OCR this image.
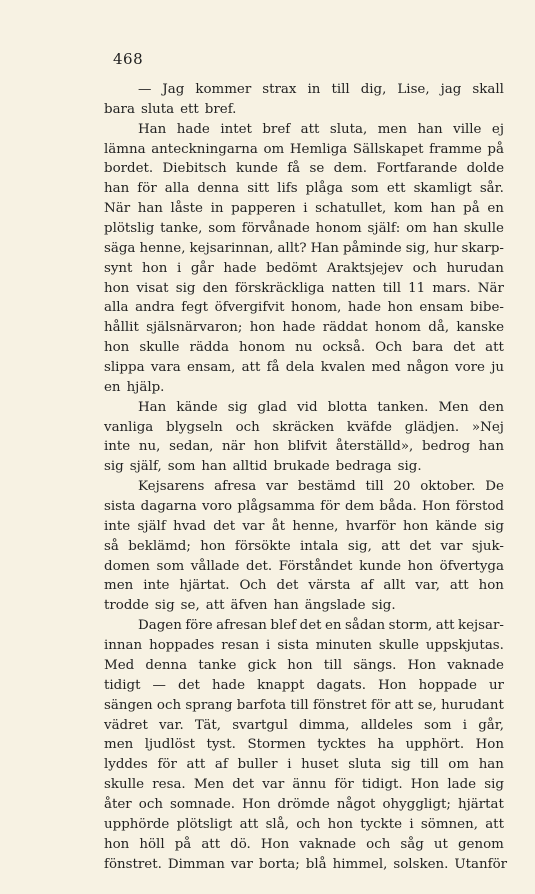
468
— Jag kommer strax in till dig, Lise, jag skall
bara sluta ett bref.
Han hade intet bref att sluta, men han ville ej
lämna anteckningarna om Hemliga Sällskapet framme på
bordet. Diebitsch kunde få se dem. Fortfarande dolde
han för alla denna sitt lifs plåga som ett skamligt sår.
När han låste in papperen i schatullet, kom han på en
plötslig tanke, som förvånade honom själf: om han skulle
säga henne, kejsarinnan, allt? Han påminde sig, hur skarp-
synt hon i går hade bedömt Araktsjejev och hurudan
hon visat sig den förskräckliga natten till 11 mars. När
alla andra fegt öfvergifvit honom, hade hon ensam bibe-
hållit själsnärvaron; hon hade räddat honom då, kanske
hon skulle rädda honom nu också. Och bara det att
slippa vara ensam, att få dela kvalen med någon vore ju
en hjälp.
Han kände sig glad vid blotta tanken. Men den
vanliga blygseln och skräcken kväfde glädjen. »Nej
inte nu, sedan, när hon blifvit återställd», bedrog han
sig själf, som han alltid brukade bedraga sig.
Kejsarens afresa var bestämd till 20 oktober. De
sista dagarna voro plågsamma för dem båda. Hon förstod
inte själf hvad det var åt henne, hvarför hon kände sig
så beklämd; hon försökte intala sig, att det var sjuk-
domen som vållade det. Förståndet kunde hon öfvertyga
men inte hjärtat. Och det värsta af allt var, att hon
trodde sig se, att äfven han ängslade sig.
Dagen före afresan blef det en sådan storm, att kejsar-
innan hoppades resan i sista minuten skulle uppskjutas.
Med denna tanke gick hon till sängs. Hon vaknade
tidigt — det hade knappt dagats. Hon hoppade ur
sängen och sprang barfota till fönstret för att se, hurudant
vädret var. Tät, svartgul dimma, alldeles som i går,
men ljudlöst tyst. Stormen tycktes ha upphört. Hon
lyddes för att af buller i huset sluta sig till om han
skulle resa. Men det var ännu för tidigt. Hon lade sig
åter och somnade. Hon drömde något ohyggligt; hjärtat
upphörde plötsligt att slå, och hon tyckte i sömnen, att
hon höll på att dö. Hon vaknade och såg ut genom
fönstret. Dimman var borta; blå himmel, solsken. Utanför
